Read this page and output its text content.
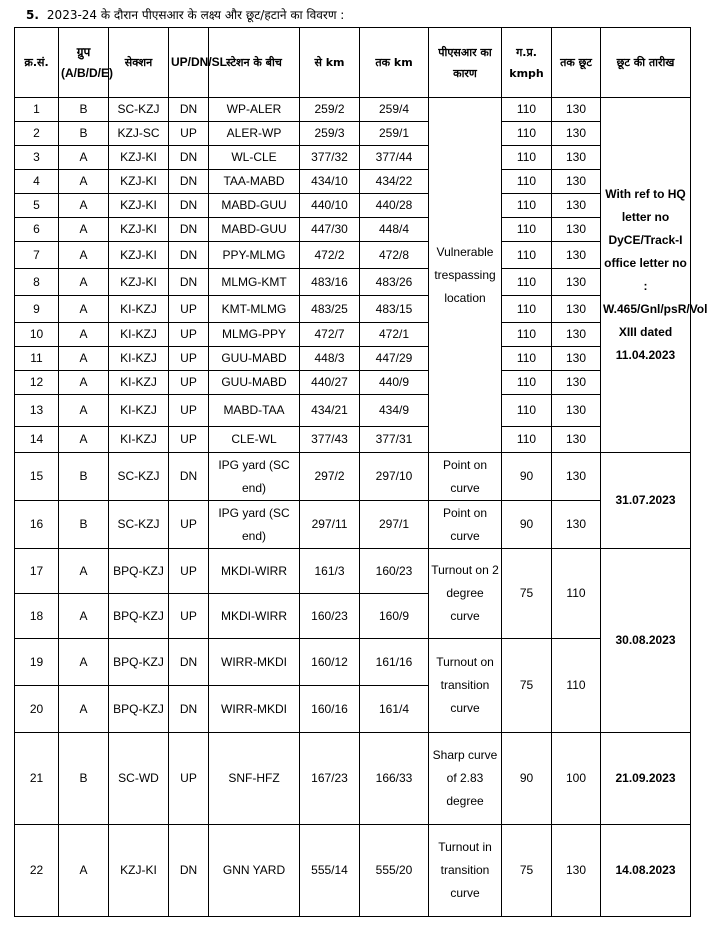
5. 2023-24 के दौरान पीएसआर के लक्ष्य और छूट/हटाने का विवरण :
क्र.सं.	ग्रुप (A/B/D/E)	सेक्शन	UP/DN/SL	स्टेशन के बीच	से km	तक km	पीएसआर का कारण	ग.प्र. kmph	तक छूट	छूट की तारीख
1	B	SC-KZJ	DN	WP-ALER	259/2	259/4	Vulnerable trespassing location	110	130	With ref to HQ letter no DyCE/Track-I office letter no : W.465/Gnl/psR/Vol XIII dated 11.04.2023
2	B	KZJ-SC	UP	ALER-WP	259/3	259/1		110	130	
3	A	KZJ-KI	DN	WL-CLE	377/32	377/44		110	130	
4	A	KZJ-KI	DN	TAA-MABD	434/10	434/22		110	130	
5	A	KZJ-KI	DN	MABD-GUU	440/10	440/28		110	130	
6	A	KZJ-KI	DN	MABD-GUU	447/30	448/4		110	130	
7	A	KZJ-KI	DN	PPY-MLMG	472/2	472/8		110	130	
8	A	KZJ-KI	DN	MLMG-KMT	483/16	483/26		110	130	
9	A	KI-KZJ	UP	KMT-MLMG	483/25	483/15		110	130	
10	A	KI-KZJ	UP	MLMG-PPY	472/7	472/1		110	130	
11	A	KI-KZJ	UP	GUU-MABD	448/3	447/29		110	130	
12	A	KI-KZJ	UP	GUU-MABD	440/27	440/9		110	130	
13	A	KI-KZJ	UP	MABD-TAA	434/21	434/9		110	130	
14	A	KI-KZJ	UP	CLE-WL	377/43	377/31		110	130	
15	B	SC-KZJ	DN	IPG yard (SC end)	297/2	297/10	Point on curve	90	130	31.07.2023
16	B	SC-KZJ	UP	IPG yard (SC end)	297/11	297/1	Point on curve	90	130	
17	A	BPQ-KZJ	UP	MKDI-WIRR	161/3	160/23	Turnout on 2 degree curve	75	110	30.08.2023
18	A	BPQ-KZJ	UP	MKDI-WIRR	160/23	160/9				
19	A	BPQ-KZJ	DN	WIRR-MKDI	160/12	161/16	Turnout on transition curve	75	110	
20	A	BPQ-KZJ	DN	WIRR-MKDI	160/16	161/4				
21	B	SC-WD	UP	SNF-HFZ	167/23	166/33	Sharp curve of 2.83 degree	90	100	21.09.2023
22	A	KZJ-KI	DN	GNN YARD	555/14	555/20	Turnout in transition curve	75	130	14.08.2023
